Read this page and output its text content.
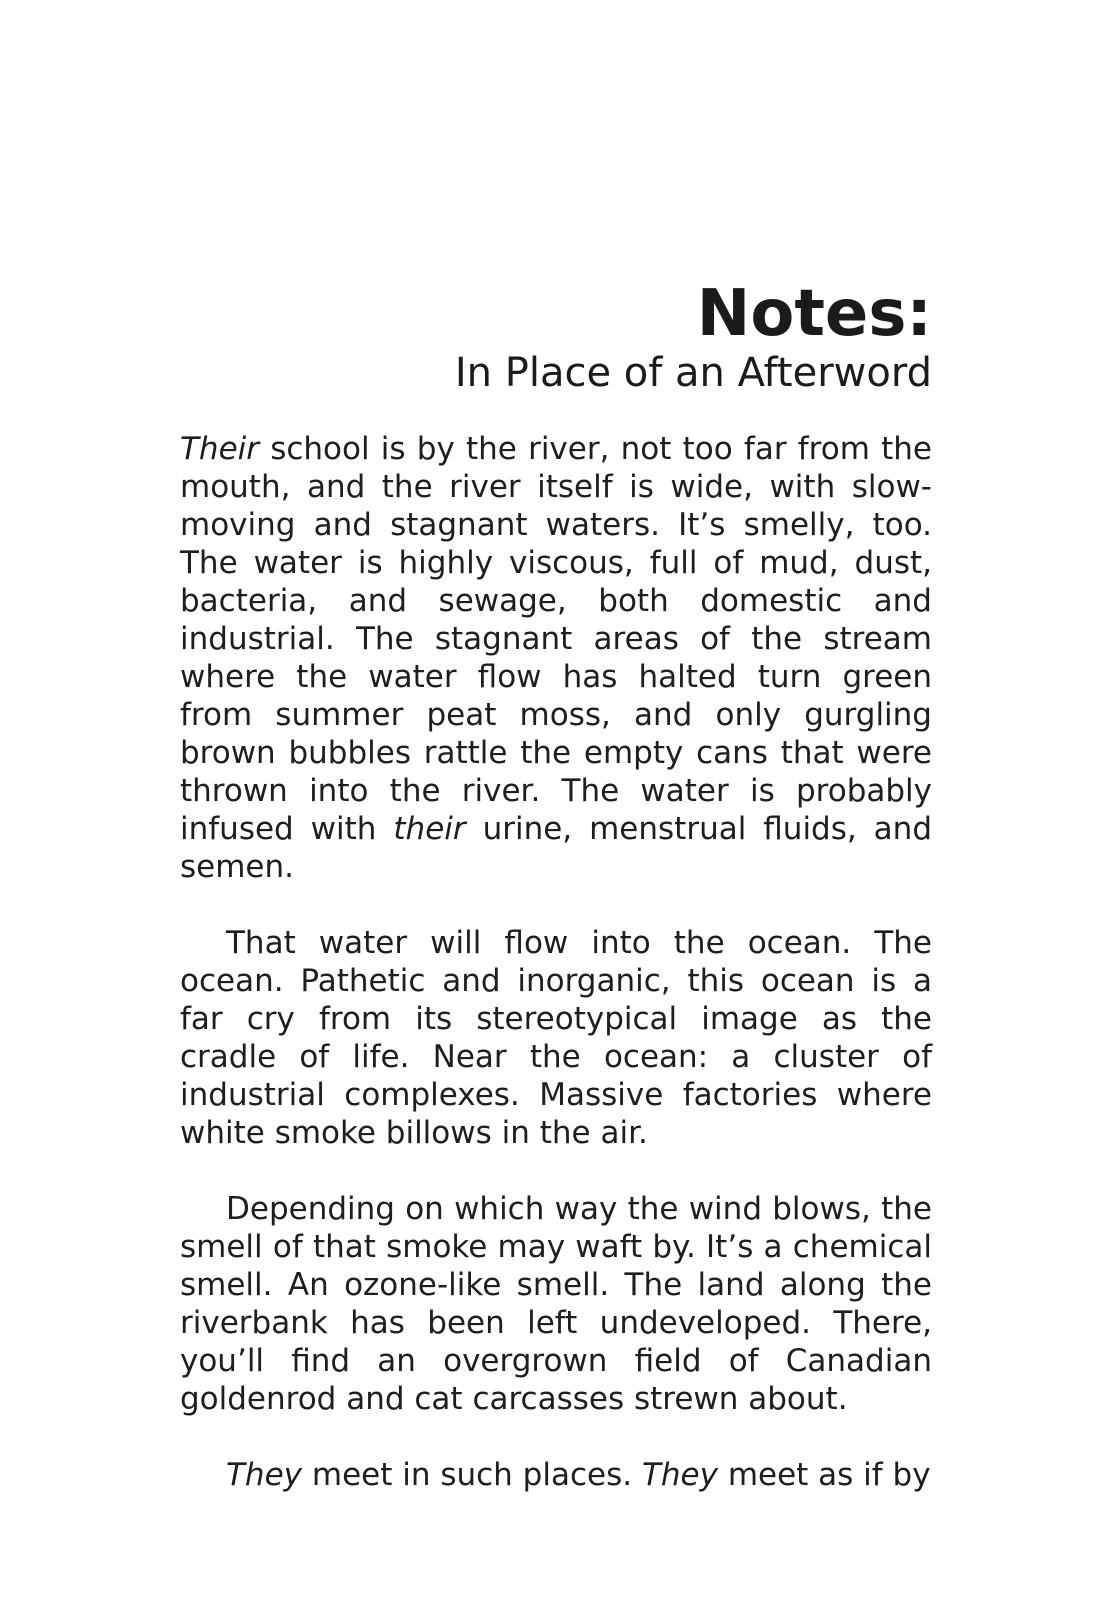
Notes:
In Place of an Afterword

Their school is by the river, not too far from the mouth, and the river itself is wide, with slow-moving and stagnant waters. It’s smelly, too. The water is highly viscous, full of mud, dust, bacteria, and sewage, both domestic and industrial. The stagnant areas of the stream where the water flow has halted turn green from summer peat moss, and only gurgling brown bubbles rattle the empty cans that were thrown into the river. The water is probably infused with their urine, menstrual fluids, and semen.

That water will flow into the ocean. The ocean. Pathetic and inorganic, this ocean is a far cry from its stereotypical image as the cradle of life. Near the ocean: a cluster of industrial complexes. Massive factories where white smoke billows in the air.

Depending on which way the wind blows, the smell of that smoke may waft by. It’s a chemical smell. An ozone-like smell. The land along the riverbank has been left undeveloped. There, you’ll find an overgrown field of Canadian goldenrod and cat carcasses strewn about.

They meet in such places. They meet as if by
